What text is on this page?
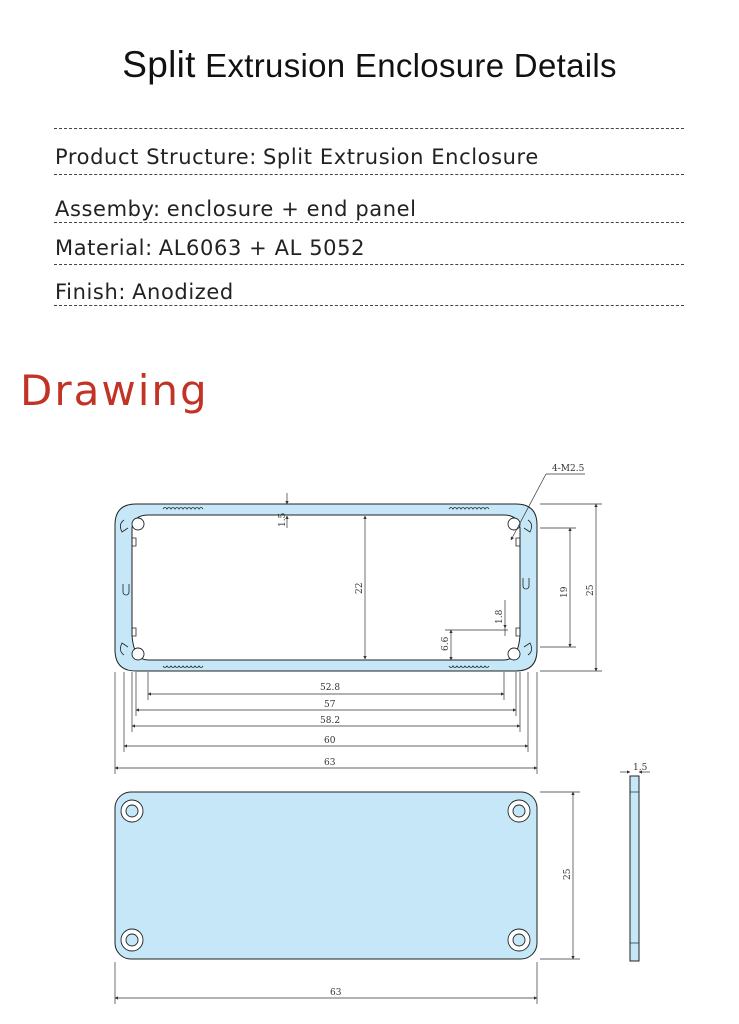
Split Extrusion Enclosure Details
Product Structure: Split Extrusion Enclosure
Assemby: enclosure + end panel
Material: AL6063 + AL 5052
Finish: Anodized
Drawing
4-M2.5
1.5
22
1.8
6.6
19 25
52.8
57
58.2
60
63
25
63
1.5
